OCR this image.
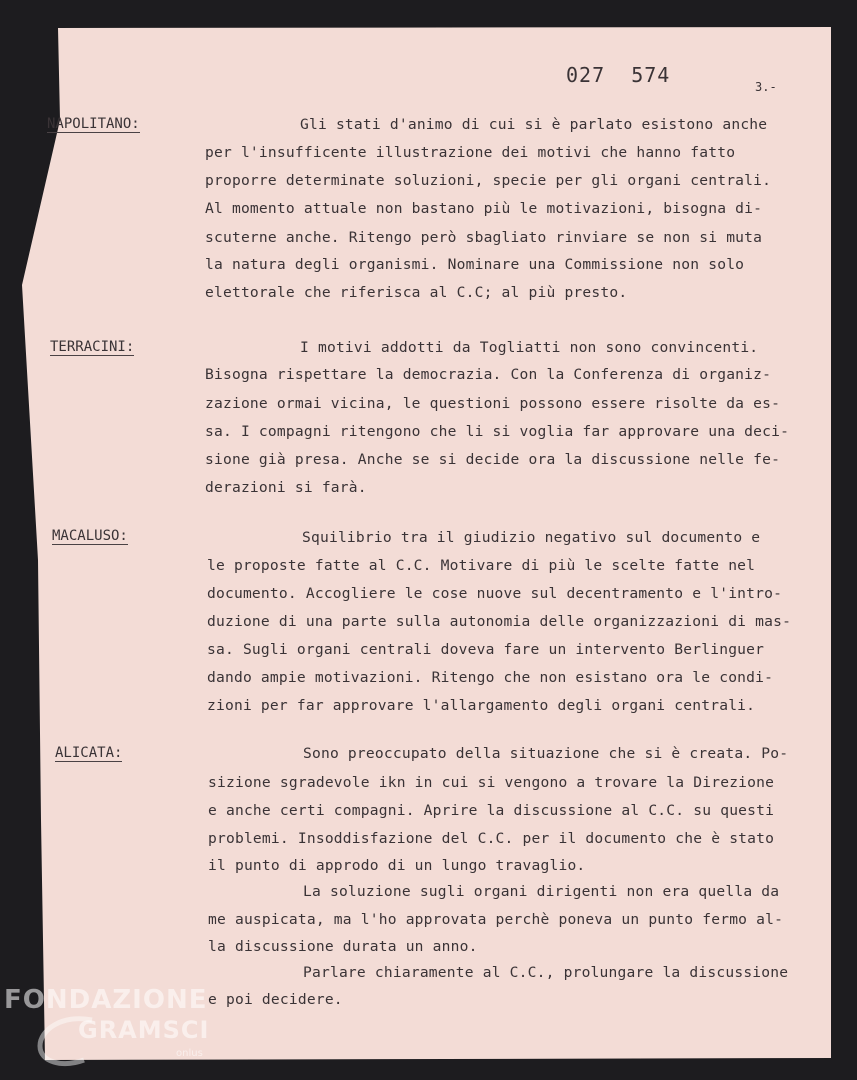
027  574	3.-
NAPOLITANO:	Gli stati d'animo di cui si è parlato esistono anche
per l'insufficente illustrazione dei motivi che hanno fatto
proporre determinate soluzioni, specie per gli organi centrali.
Al momento attuale non bastano più le motivazioni, bisogna di-
scuterne anche. Ritengo però sbagliato rinviare se non si muta
la natura degli organismi. Nominare una Commissione non solo
elettorale che riferisca al C.C; al più presto.
TERRACINI:	I motivi addotti da Togliatti non sono convincenti.
Bisogna rispettare la democrazia. Con la Conferenza di organiz-
zazione ormai vicina, le questioni possono essere risolte da es-
sa. I compagni ritengono che li si voglia far approvare una deci-
sione già presa. Anche se si decide ora la discussione nelle fe-
derazioni si farà.
MACALUSO:	Squilibrio tra il giudizio negativo sul documento e
le proposte fatte al C.C. Motivare di più le scelte fatte nel
documento. Accogliere le cose nuove sul decentramento e l'intro-
duzione di una parte sulla autonomia delle organizzazioni di mas-
sa. Sugli organi centrali doveva fare un intervento Berlinguer
dando ampie motivazioni. Ritengo che non esistano ora le condi-
zioni per far approvare l'allargamento degli organi centrali.
ALICATA:	Sono preoccupato della situazione che si è creata. Po-
sizione sgradevole ikn in cui si vengono a trovare la Direzione
e anche certi compagni. Aprire la discussione al C.C. su questi
problemi. Insoddisfazione del C.C. per il documento che è stato
il punto di approdo di un lungo travaglio.
La soluzione sugli organi dirigenti non era quella da
me auspicata, ma l'ho approvata perchè poneva un punto fermo al-
la discussione durata un anno.
Parlare chiaramente al C.C., prolungare la discussione
e poi decidere.
FONDAZIONE
GRAMSCI
onlus
